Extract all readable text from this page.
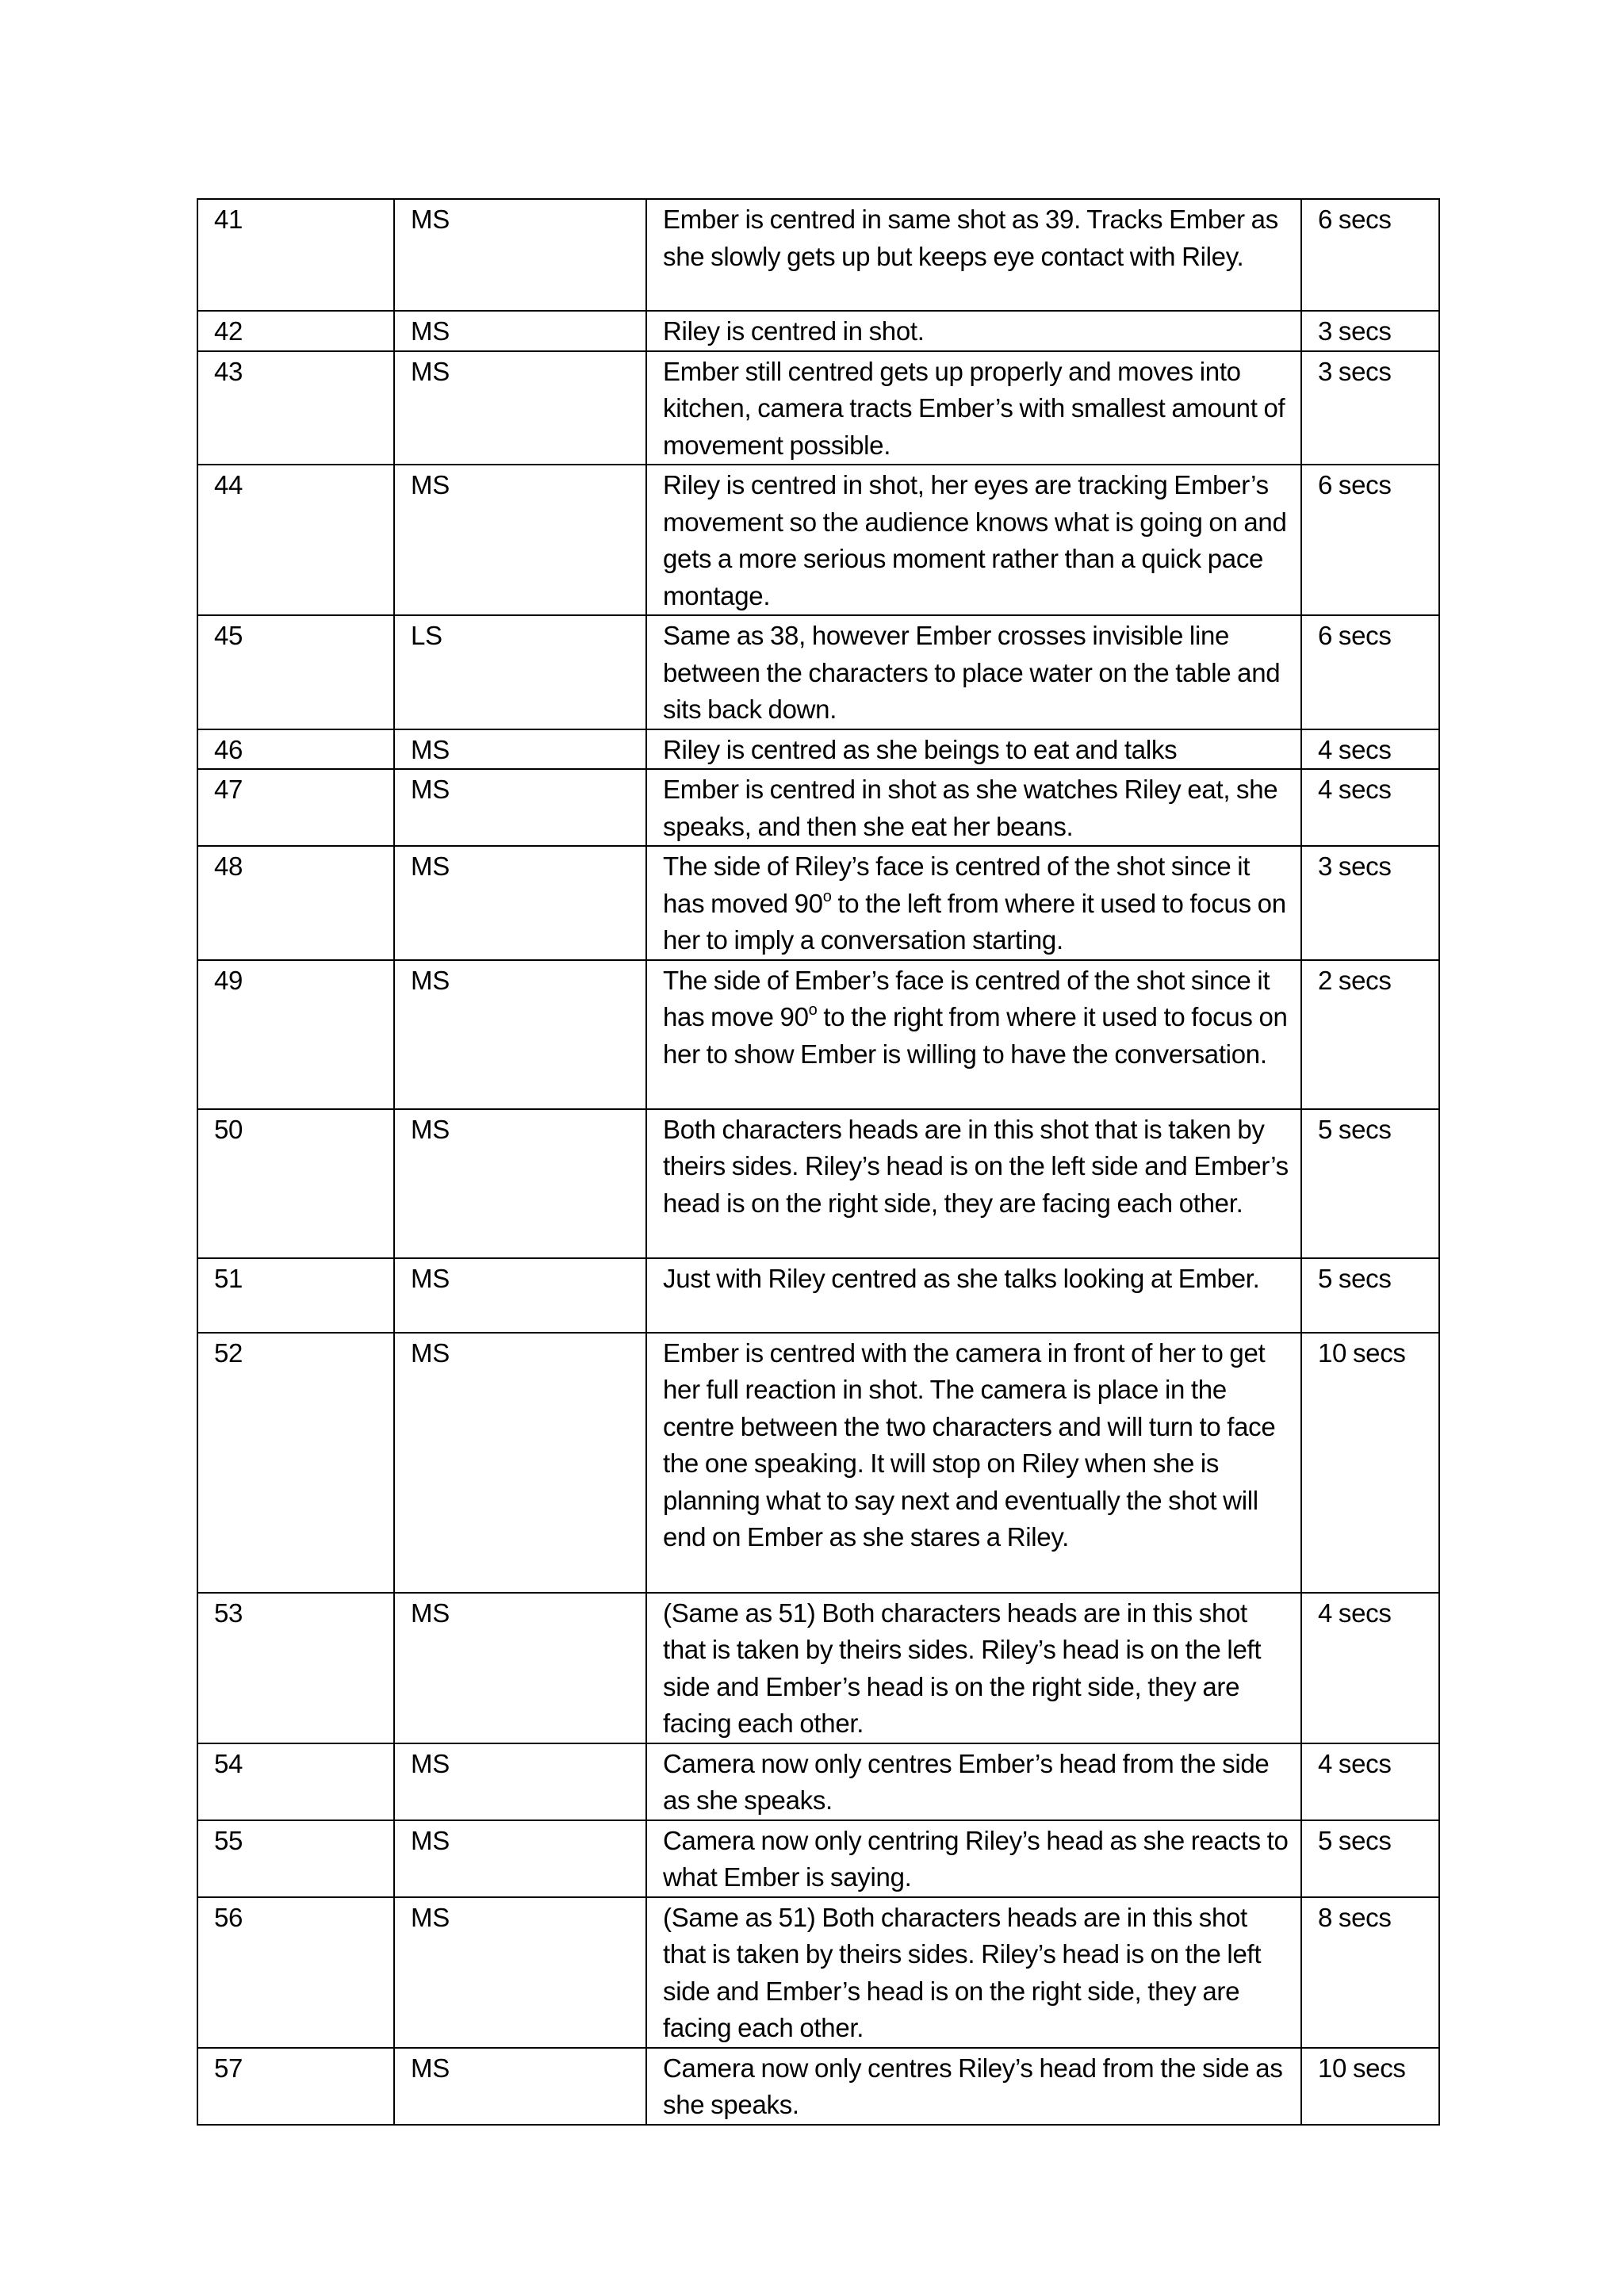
41	MS	Ember is centred in same shot as 39. Tracks Ember as she slowly gets up but keeps eye contact with Riley.	6 secs
42	MS	Riley is centred in shot.	3 secs
43	MS	Ember still centred gets up properly and moves into kitchen, camera tracts Ember’s with smallest amount of movement possible.	3 secs
44	MS	Riley is centred in shot, her eyes are tracking Ember’s movement so the audience knows what is going on and gets a more serious moment rather than a quick pace montage.	6 secs
45	LS	Same as 38, however Ember crosses invisible line between the characters to place water on the table and sits back down.	6 secs
46	MS	Riley is centred as she beings to eat and talks	4 secs
47	MS	Ember is centred in shot as she watches Riley eat, she speaks, and then she eat her beans.	4 secs
48	MS	The side of Riley’s face is centred of the shot since it has moved 90$^o$ to the left from where it used to focus on her to imply a conversation starting.	3 secs
49	MS	The side of Ember’s face is centred of the shot since it has move 90$^o$ to the right from where it used to focus on her to show Ember is willing to have the conversation.	2 secs
50	MS	Both characters heads are in this shot that is taken by theirs sides. Riley’s head is on the left side and Ember’s head is on the right side, they are facing each other.	5 secs
51	MS	Just with Riley centred as she talks looking at Ember.	5 secs
52	MS	Ember is centred with the camera in front of her to get her full reaction in shot. The camera is place in the centre between the two characters and will turn to face the one speaking. It will stop on Riley when she is planning what to say next and eventually the shot will end on Ember as she stares a Riley.	10 secs
53	MS	(Same as 51) Both characters heads are in this shot that is taken by theirs sides. Riley’s head is on the left side and Ember’s head is on the right side, they are facing each other.	4 secs
54	MS	Camera now only centres Ember’s head from the side as she speaks.	4 secs
55	MS	Camera now only centring Riley’s head as she reacts to what Ember is saying.	5 secs
56	MS	(Same as 51) Both characters heads are in this shot that is taken by theirs sides. Riley’s head is on the left side and Ember’s head is on the right side, they are facing each other.	8 secs
57	MS	Camera now only centres Riley’s head from the side as she speaks.	10 secs
